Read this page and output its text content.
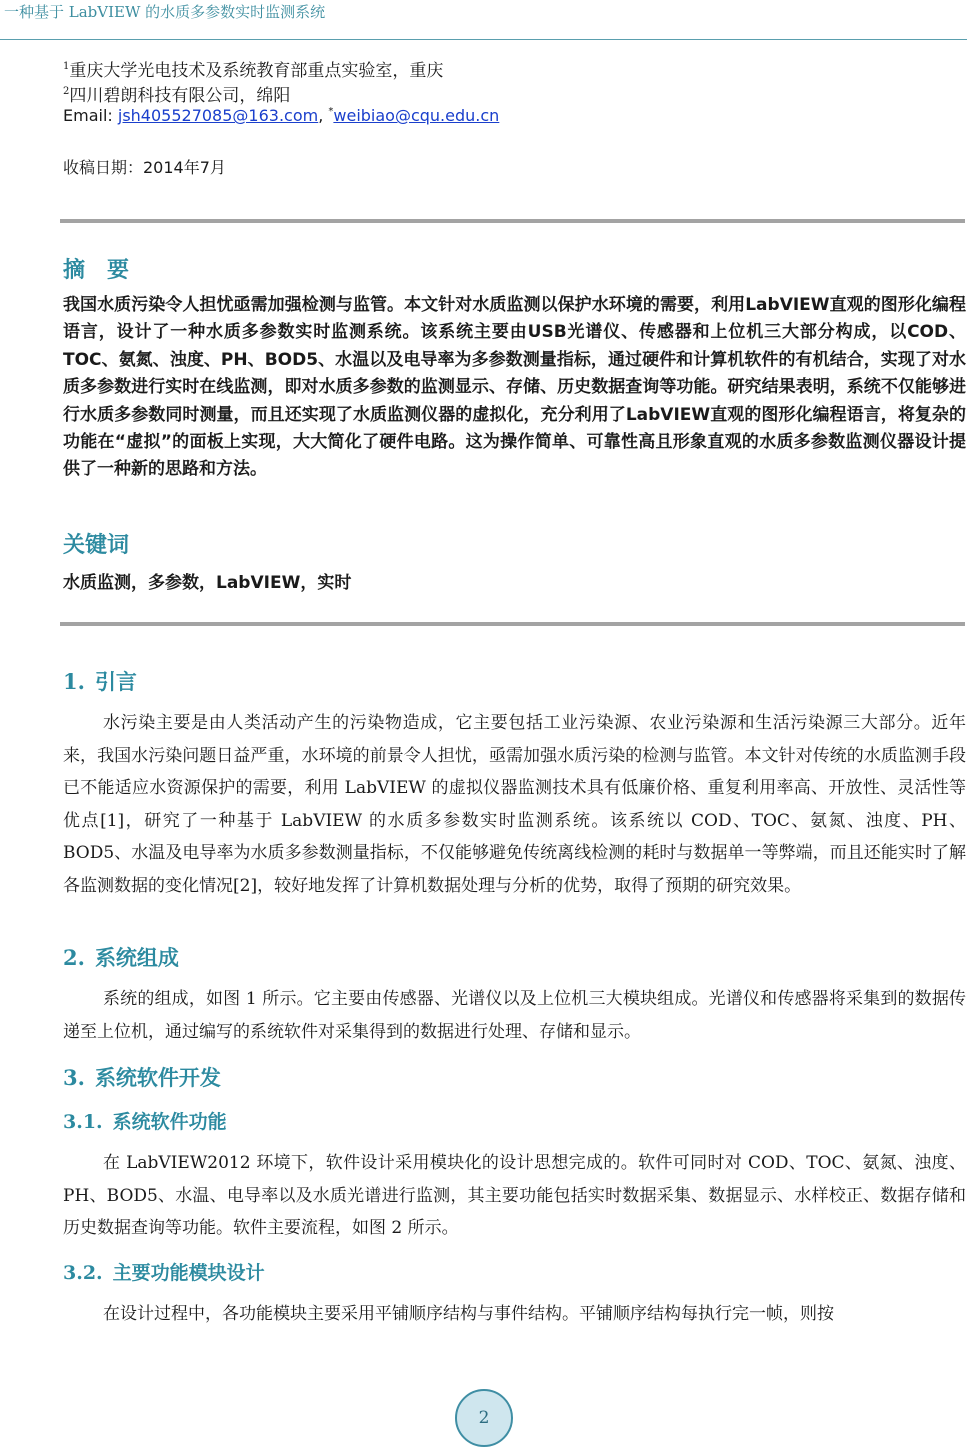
一种基于 LabVIEW 的水质多参数实时监测系统
$^1$重庆大学光电技术及系统教育部重点实验室，重庆
$^2$四川碧朗科技有限公司，绵阳
Email: jsh405527085@163.com, *weibiao@cqu.edu.cn
收稿日期：2014年7月
摘　要
我国水质污染令人担忧亟需加强检测与监管。本文针对水质监测以保护水环境的需要，利用LabVIEW直观的图形化编程语言，设计了一种水质多参数实时监测系统。该系统主要由USB光谱仪、传感器和上位机三大部分构成，以COD、TOC、氨氮、浊度、PH、BOD5、水温以及电导率为多参数测量指标，通过硬件和计算机软件的有机结合，实现了对水质多参数进行实时在线监测，即对水质多参数的监测显示、存储、历史数据查询等功能。研究结果表明，系统不仅能够进行水质多参数同时测量，而且还实现了水质监测仪器的虚拟化，充分利用了LabVIEW直观的图形化编程语言，将复杂的功能在“虚拟”的面板上实现，大大简化了硬件电路。这为操作简单、可靠性高且形象直观的水质多参数监测仪器设计提供了一种新的思路和方法。
关键词
水质监测，多参数，LabVIEW，实时
1. 引言
水污染主要是由人类活动产生的污染物造成，它主要包括工业污染源、农业污染源和生活污染源三大部分。近年来，我国水污染问题日益严重，水环境的前景令人担忧，亟需加强水质污染的检测与监管。本文针对传统的水质监测手段已不能适应水资源保护的需要，利用 LabVIEW 的虚拟仪器监测技术具有低廉价格、重复利用率高、开放性、灵活性等优点[1]，研究了一种基于 LabVIEW 的水质多参数实时监测系统。该系统以 COD、TOC、氨氮、浊度、PH、BOD5、水温及电导率为水质多参数测量指标，不仅能够避免传统离线检测的耗时与数据单一等弊端，而且还能实时了解各监测数据的变化情况[2]，较好地发挥了计算机数据处理与分析的优势，取得了预期的研究效果。
2. 系统组成
系统的组成，如图 1 所示。它主要由传感器、光谱仪以及上位机三大模块组成。光谱仪和传感器将采集到的数据传递至上位机，通过编写的系统软件对采集得到的数据进行处理、存储和显示。
3. 系统软件开发
3.1. 系统软件功能
在 LabVIEW2012 环境下，软件设计采用模块化的设计思想完成的。软件可同时对 COD、TOC、氨氮、浊度、PH、BOD5、水温、电导率以及水质光谱进行监测，其主要功能包括实时数据采集、数据显示、水样校正、数据存储和历史数据查询等功能。软件主要流程，如图 2 所示。
3.2. 主要功能模块设计
在设计过程中，各功能模块主要采用平铺顺序结构与事件结构。平铺顺序结构每执行完一帧，则按
2
